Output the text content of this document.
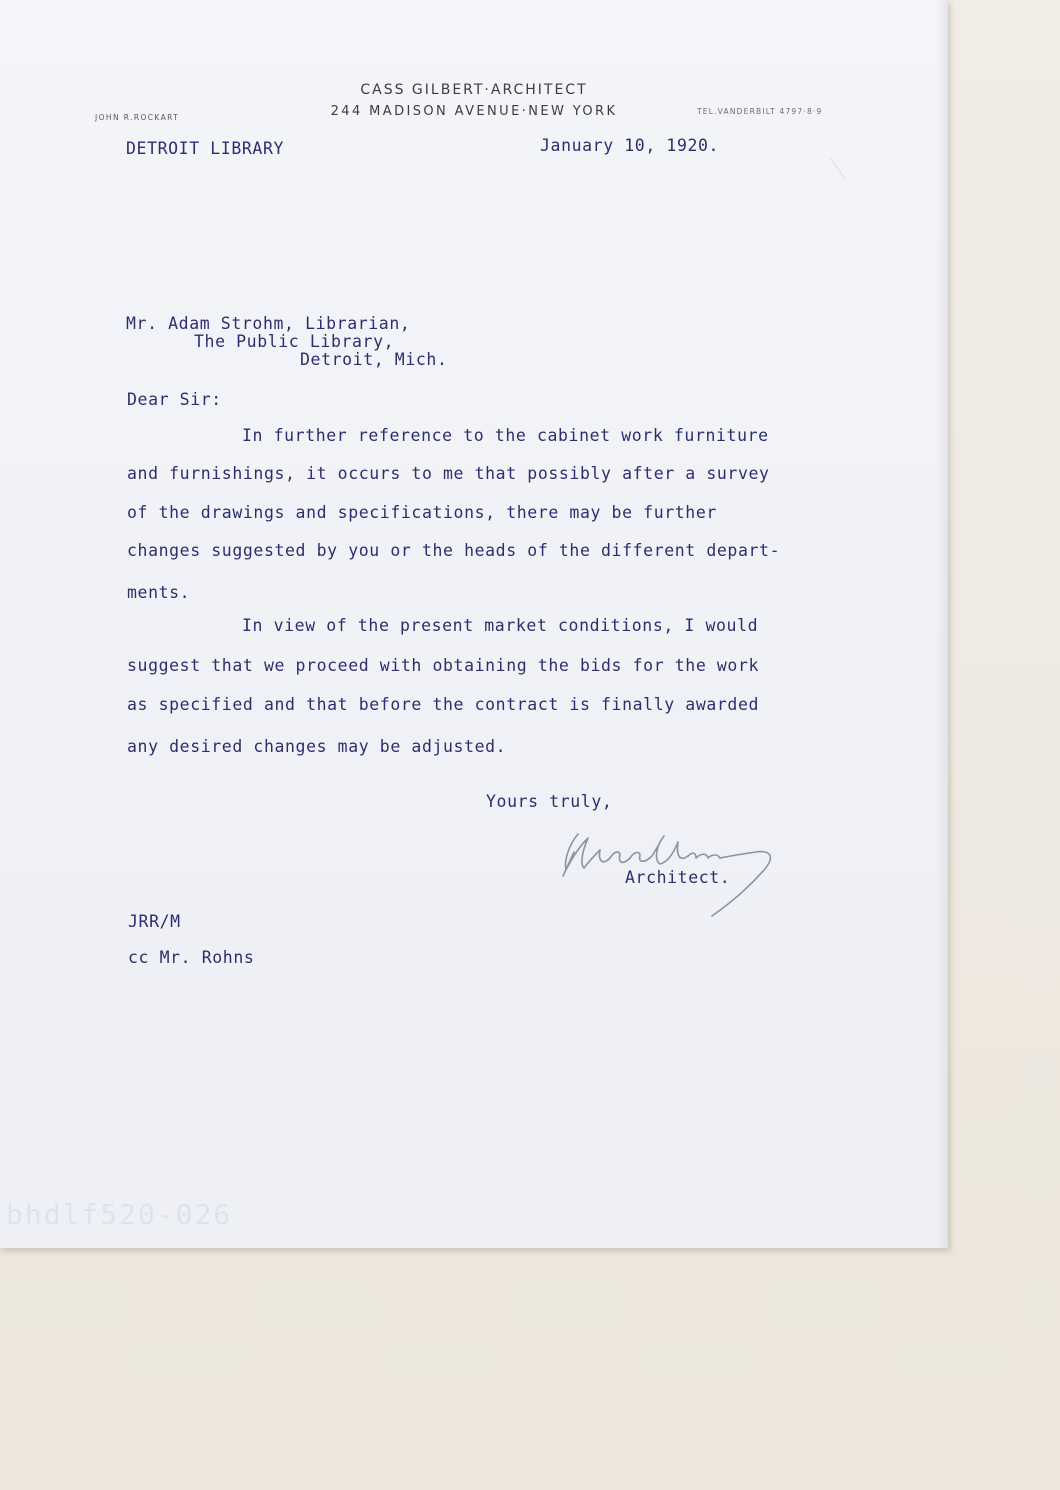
CASS GILBERT·ARCHITECT
244 MADISON AVENUE·NEW YORK
JOHN R.ROCKART
TEL.VANDERBILT 4797·8·9
DETROIT LIBRARY	January 10, 1920.
Mr. Adam Strohm, Librarian,
The Public Library,
Detroit, Mich.
Dear Sir:
In further reference to the cabinet work furniture
and furnishings, it occurs to me that possibly after a survey
of the drawings and specifications, there may be further
changes suggested by you or the heads of the different depart-
ments.
In view of the present market conditions, I would
suggest that we proceed with obtaining the bids for the work
as specified and that before the contract is finally awarded
any desired changes may be adjusted.
Yours truly,
Architect.
JRR/M
cc Mr. Rohns
bhdlf520-026
